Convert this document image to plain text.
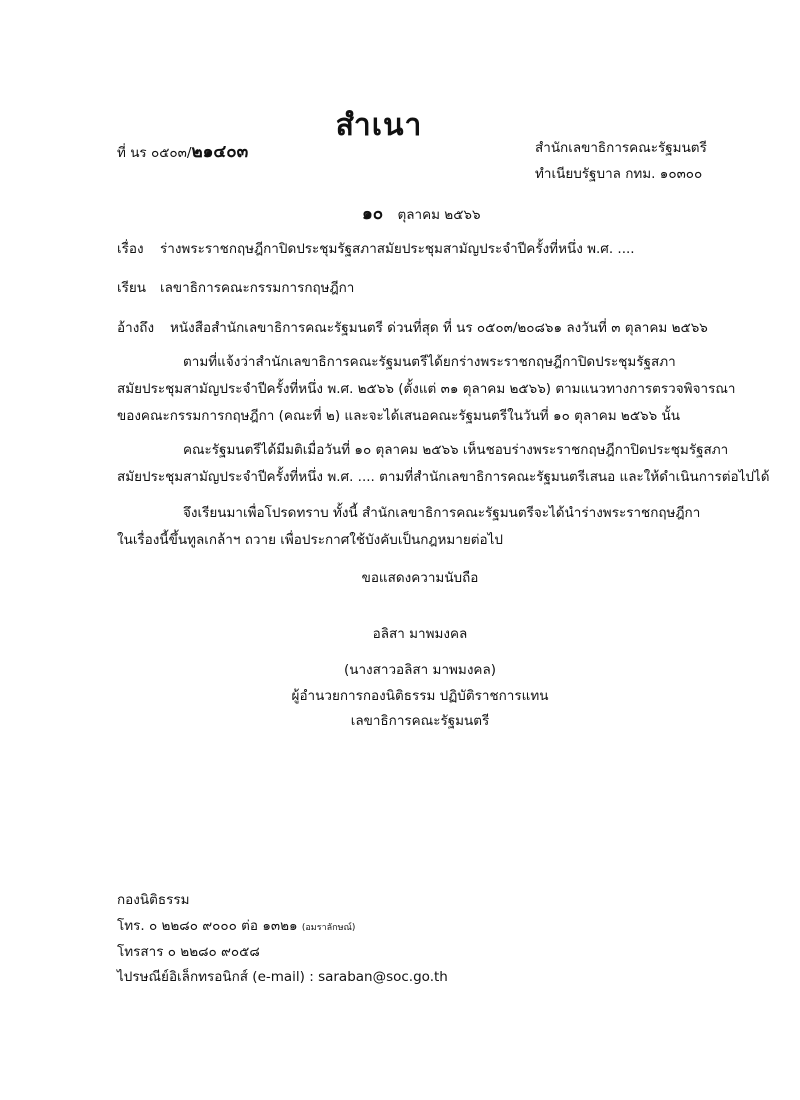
สำเนา
ที่ นร ๐๕๐๓/๒๑๔๐๓	สำนักเลขาธิการคณะรัฐมนตรี
ทำเนียบรัฐบาล กทม. ๑๐๓๐๐
๑๐ ตุลาคม ๒๕๖๖
เรื่อง ร่างพระราชกฤษฎีกาปิดประชุมรัฐสภาสมัยประชุมสามัญประจำปีครั้งที่หนึ่ง พ.ศ. ....
เรียน เลขาธิการคณะกรรมการกฤษฎีกา
อ้างถึง หนังสือสำนักเลขาธิการคณะรัฐมนตรี ด่วนที่สุด ที่ นร ๐๕๐๓/๒๐๘๖๑ ลงวันที่ ๓ ตุลาคม ๒๕๖๖
ตามที่แจ้งว่าสำนักเลขาธิการคณะรัฐมนตรีได้ยกร่างพระราชกฤษฎีกาปิดประชุมรัฐสภา
สมัยประชุมสามัญประจำปีครั้งที่หนึ่ง พ.ศ. ๒๕๖๖ (ตั้งแต่ ๓๑ ตุลาคม ๒๕๖๖) ตามแนวทางการตรวจพิจารณา
ของคณะกรรมการกฤษฎีกา (คณะที่ ๒) และจะได้เสนอคณะรัฐมนตรีในวันที่ ๑๐ ตุลาคม ๒๕๖๖ นั้น
คณะรัฐมนตรีได้มีมติเมื่อวันที่ ๑๐ ตุลาคม ๒๕๖๖ เห็นชอบร่างพระราชกฤษฎีกาปิดประชุมรัฐสภา
สมัยประชุมสามัญประจำปีครั้งที่หนึ่ง พ.ศ. .... ตามที่สำนักเลขาธิการคณะรัฐมนตรีเสนอ และให้ดำเนินการต่อไปได้
จึงเรียนมาเพื่อโปรดทราบ ทั้งนี้ สำนักเลขาธิการคณะรัฐมนตรีจะได้นำร่างพระราชกฤษฎีกา
ในเรื่องนี้ขึ้นทูลเกล้าฯ ถวาย เพื่อประกาศใช้บังคับเป็นกฎหมายต่อไป
ขอแสดงความนับถือ
อลิสา มาพมงคล
(นางสาวอลิสา มาพมงคล)
ผู้อำนวยการกองนิติธรรม ปฏิบัติราชการแทน
เลขาธิการคณะรัฐมนตรี
กองนิติธรรม
โทร. ๐ ๒๒๘๐ ๙๐๐๐ ต่อ ๑๓๒๑ (อมราลักษณ์)
โทรสาร ๐ ๒๒๘๐ ๙๐๕๘
ไปรษณีย์อิเล็กทรอนิกส์ (e-mail) : saraban@soc.go.th
